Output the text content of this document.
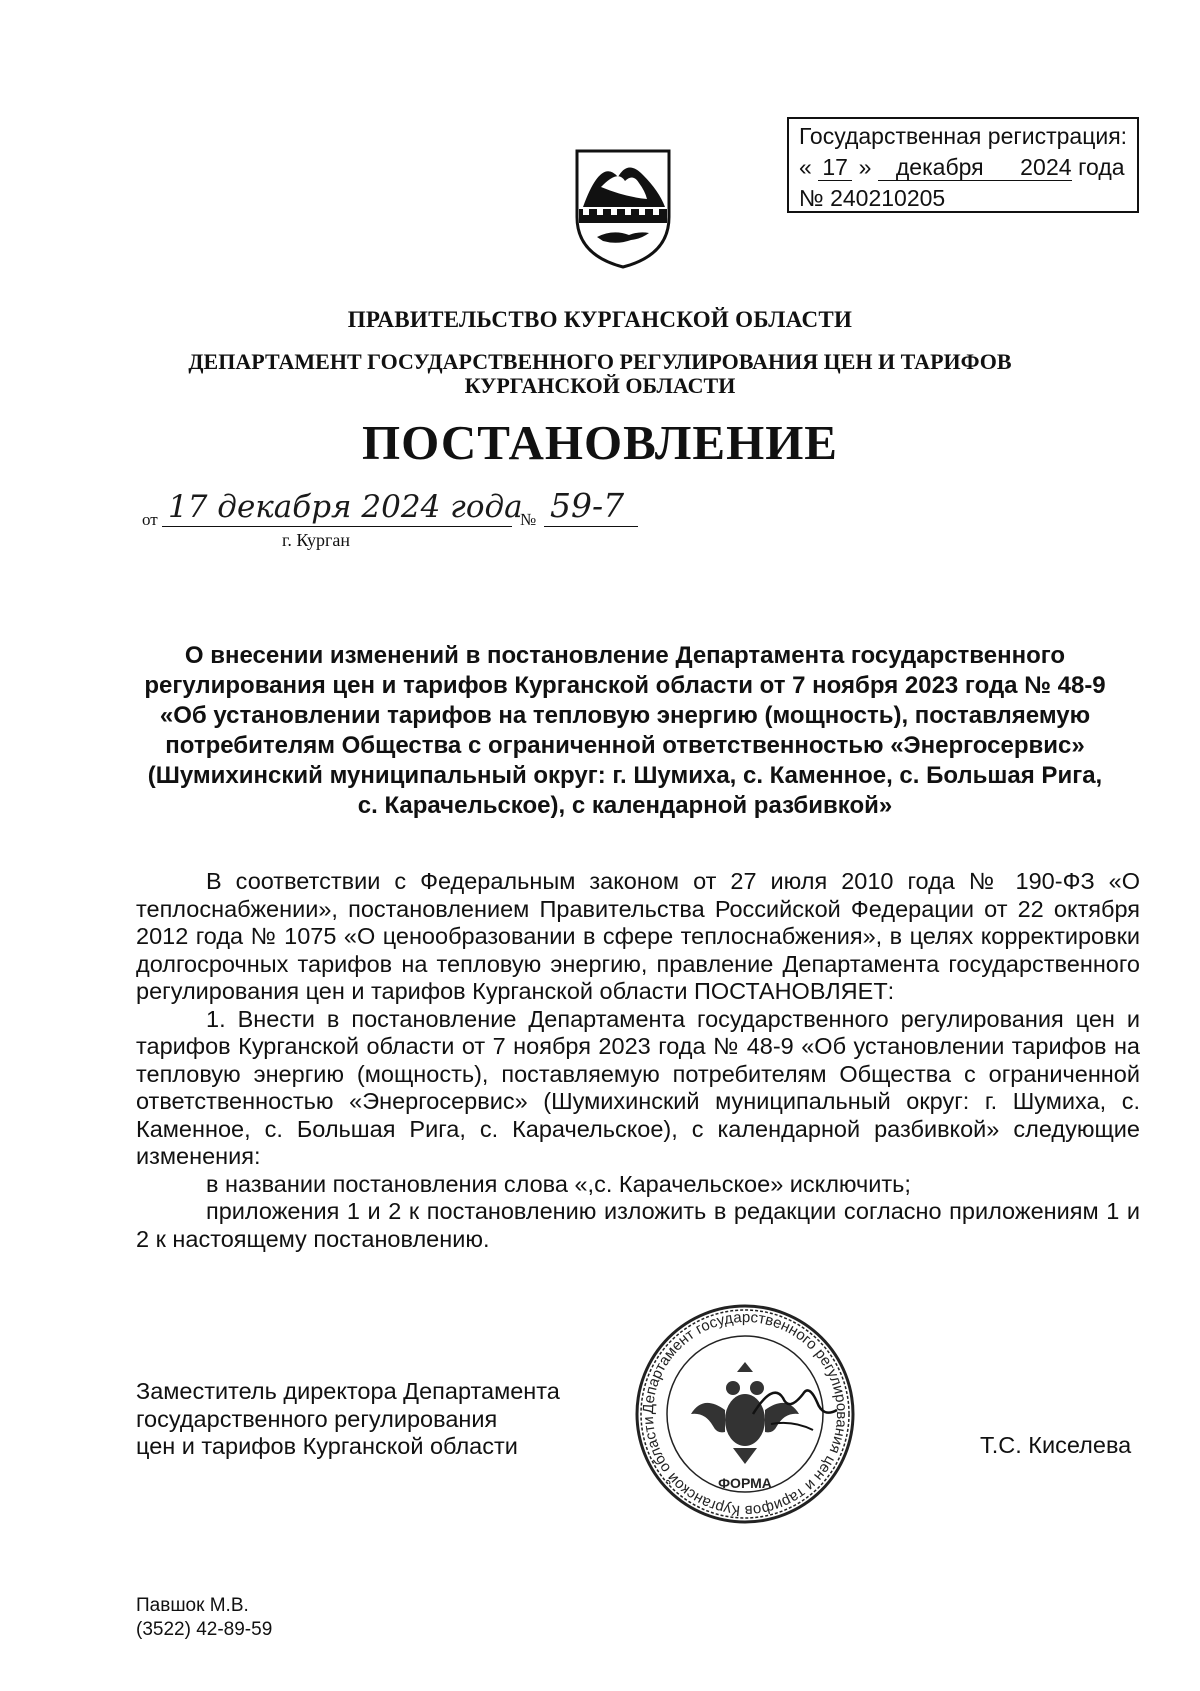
Государственная регистрация:
« 17 » декабря 2024 года
№ 240210205
ПРАВИТЕЛЬСТВО КУРГАНСКОЙ ОБЛАСТИ
ДЕПАРТАМЕНТ ГОСУДАРСТВЕННОГО РЕГУЛИРОВАНИЯ ЦЕН И ТАРИФОВ
КУРГАНСКОЙ ОБЛАСТИ
ПОСТАНОВЛЕНИЕ
от 17 декабря 2024 года
№ 59-7
г. Курган
О внесении изменений в постановление Департамента государственного
регулирования цен и тарифов Курганской области от 7 ноября 2023 года № 48-9
«Об установлении тарифов на тепловую энергию (мощность), поставляемую
потребителям Общества с ограниченной ответственностью «Энергосервис»
(Шумихинский муниципальный округ: г. Шумиха, с. Каменное, с. Большая Рига,
с. Карачельское), с календарной разбивкой»
В соответствии с Федеральным законом от 27 июля 2010 года № 190-ФЗ «О теплоснабжении», постановлением Правительства Российской Федерации от 22 октября 2012 года № 1075 «О ценообразовании в сфере теплоснабжения», в целях корректировки долгосрочных тарифов на тепловую энергию, правление Департамента государственного регулирования цен и тарифов Курганской области ПОСТАНОВЛЯЕТ:
1. Внести в постановление Департамента государственного регулирования цен и тарифов Курганской области от 7 ноября 2023 года № 48-9 «Об установлении тарифов на тепловую энергию (мощность), поставляемую потребителям Общества с ограниченной ответственностью «Энергосервис» (Шумихинский муниципальный округ: г. Шумиха, с. Каменное, с. Большая Рига, с. Карачельское), с календарной разбивкой» следующие изменения:
в названии постановления слова «,с. Карачельское» исключить;
приложения 1 и 2 к постановлению изложить в редакции согласно приложениям 1 и 2 к настоящему постановлению.
Заместитель директора Департамента
государственного регулирования
цен и тарифов Курганской области	Т.С. Киселева
Департамент государственного регулирования цен и тарифов Курганской области
ФОРМА
Павшок М.В.
(3522) 42-89-59
